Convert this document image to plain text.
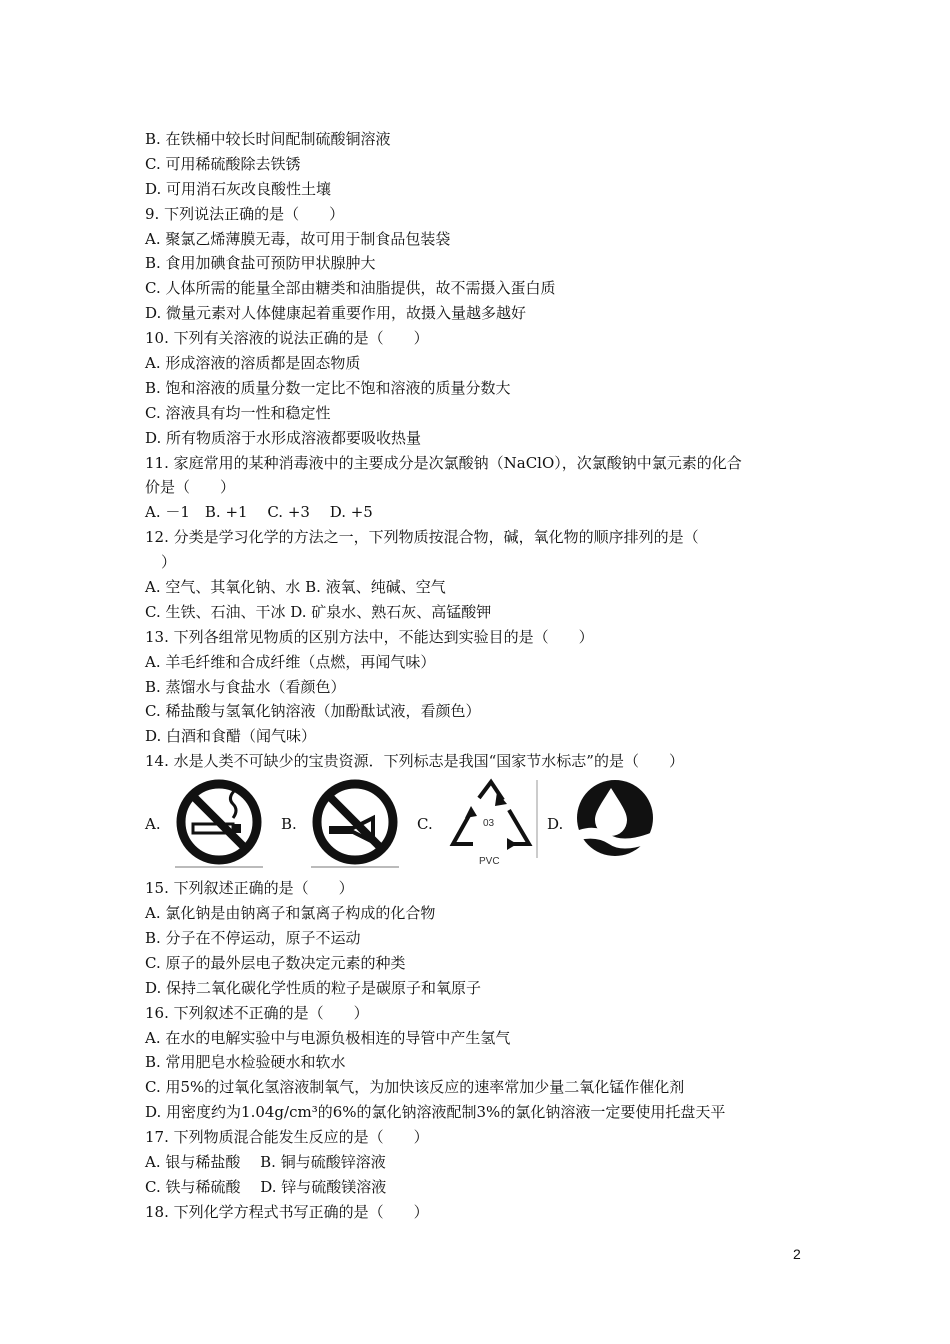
B. 在铁桶中较长时间配制硫酸铜溶液
C. 可用稀硫酸除去铁锈
D. 可用消石灰改良酸性土壤
9. 下列说法正确的是（　　）
A. 聚氯乙烯薄膜无毒，故可用于制食品包装袋
B. 食用加碘食盐可预防甲状腺肿大
C. 人体所需的能量全部由糖类和油脂提供，故不需摄入蛋白质
D. 微量元素对人体健康起着重要作用，故摄入量越多越好
10. 下列有关溶液的说法正确的是（　　）
A. 形成溶液的溶质都是固态物质
B. 饱和溶液的质量分数一定比不饱和溶液的质量分数大
C. 溶液具有均一性和稳定性
D. 所有物质溶于水形成溶液都要吸收热量
11. 家庭常用的某种消毒液中的主要成分是次氯酸钠（NaClO），次氯酸钠中氯元素的化合
价是（　　）
A. －1　B. +1　 C. +3　 D. +5
12. 分类是学习化学的方法之一，下列物质按混合物，碱，氧化物的顺序排列的是（
）
A. 空气、其氧化钠、水 B. 液氧、纯碱、空气
C. 生铁、石油、干冰 D. 矿泉水、熟石灰、高锰酸钾
13. 下列各组常见物质的区别方法中，不能达到实验目的是（　　）
A. 羊毛纤维和合成纤维（点燃，再闻气味）
B. 蒸馏水与食盐水（看颜色）
C. 稀盐酸与氢氧化钠溶液（加酚酞试液，看颜色）
D. 白酒和食醋（闻气味）
14. 水是人类不可缺少的宝贵资源．下列标志是我国“国家节水标志”的是（　　）
A.	B.	C.	03
PVC
D.
15. 下列叙述正确的是（　　）
A. 氯化钠是由钠离子和氯离子构成的化合物
B. 分子在不停运动，原子不运动
C. 原子的最外层电子数决定元素的种类
D. 保持二氧化碳化学性质的粒子是碳原子和氧原子
16. 下列叙述不正确的是（　　）
A. 在水的电解实验中与电源负极相连的导管中产生氢气
B. 常用肥皂水检验硬水和软水
C. 用5%的过氧化氢溶液制氧气，为加快该反应的速率常加少量二氧化锰作催化剂
D. 用密度约为1.04g/cm³的6%的氯化钠溶液配制3%的氯化钠溶液一定要使用托盘天平
17. 下列物质混合能发生反应的是（　　）
A. 银与稀盐酸　 B. 铜与硫酸锌溶液
C. 铁与稀硫酸　 D. 锌与硫酸镁溶液
18. 下列化学方程式书写正确的是（　　）
2
